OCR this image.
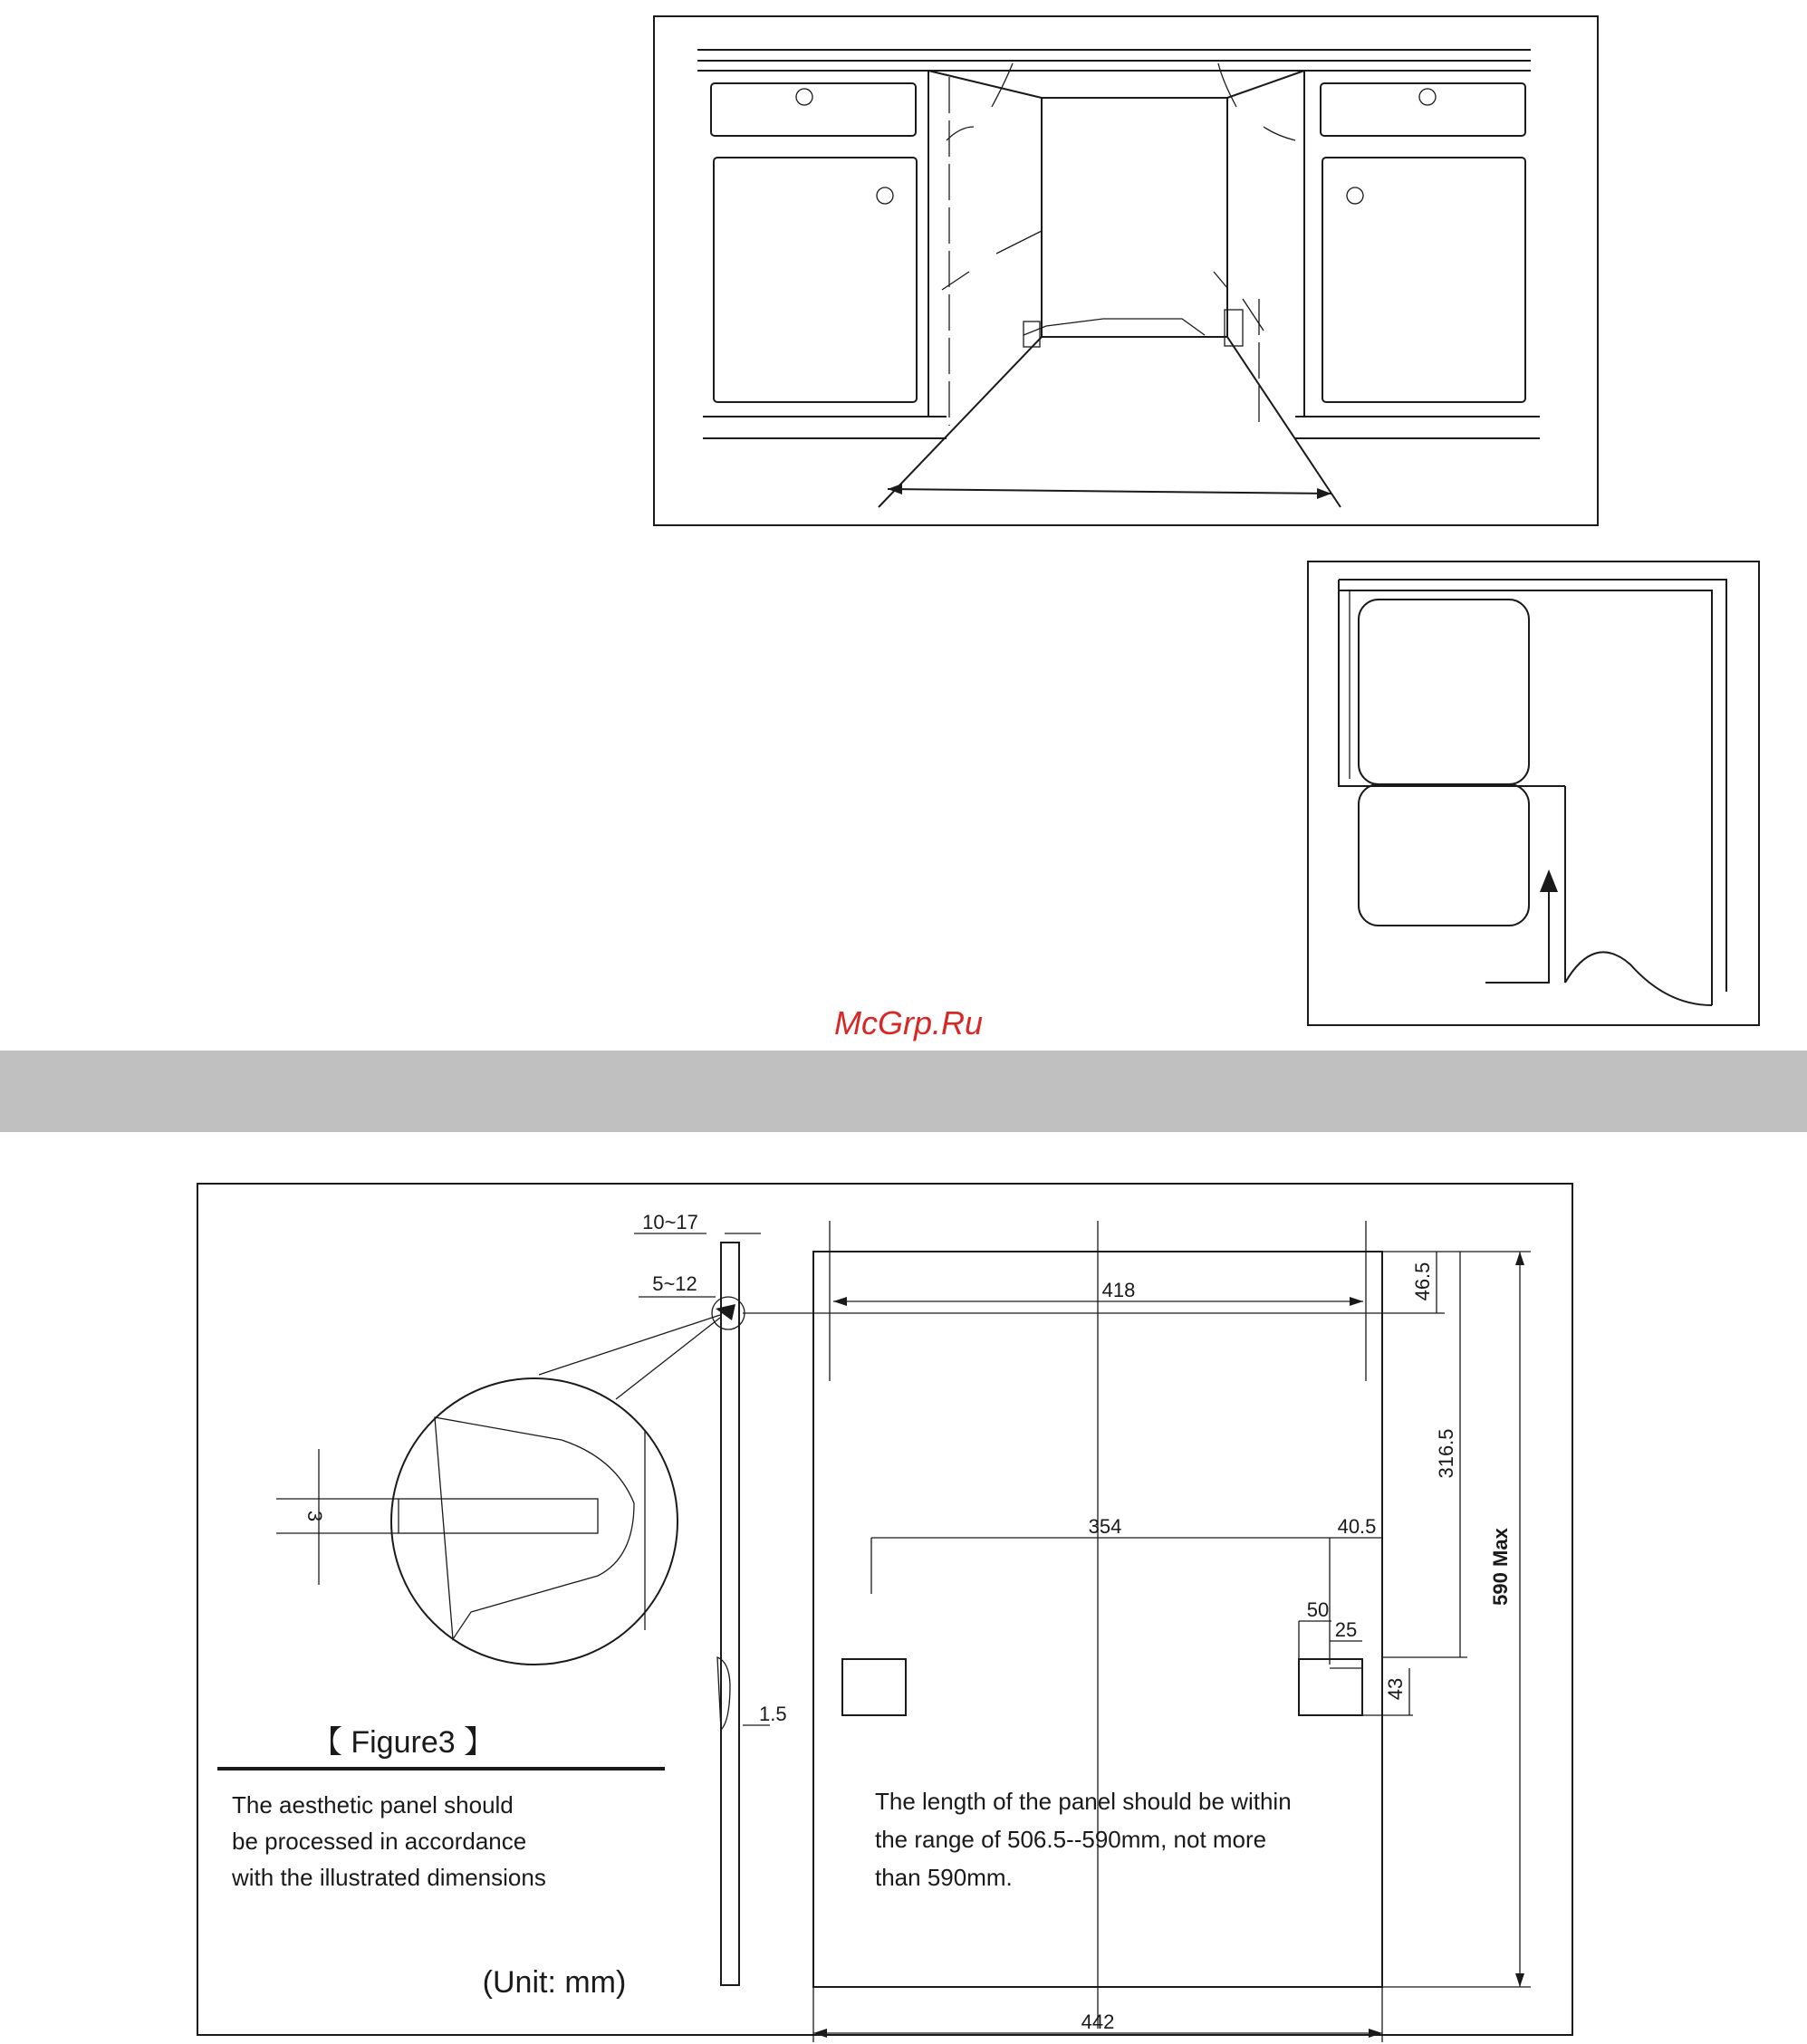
McGrp.Ru
10~17
5~12
3
1.5
【 Figure3 】
The aesthetic panel should
be processed in accordance
with the illustrated dimensions
(Unit: mm)
418	46.5
316.5
590 Max
354	40.5
50
25
43
The length of the panel should be within
the range of 506.5--590mm, not more
than 590mm.
442
